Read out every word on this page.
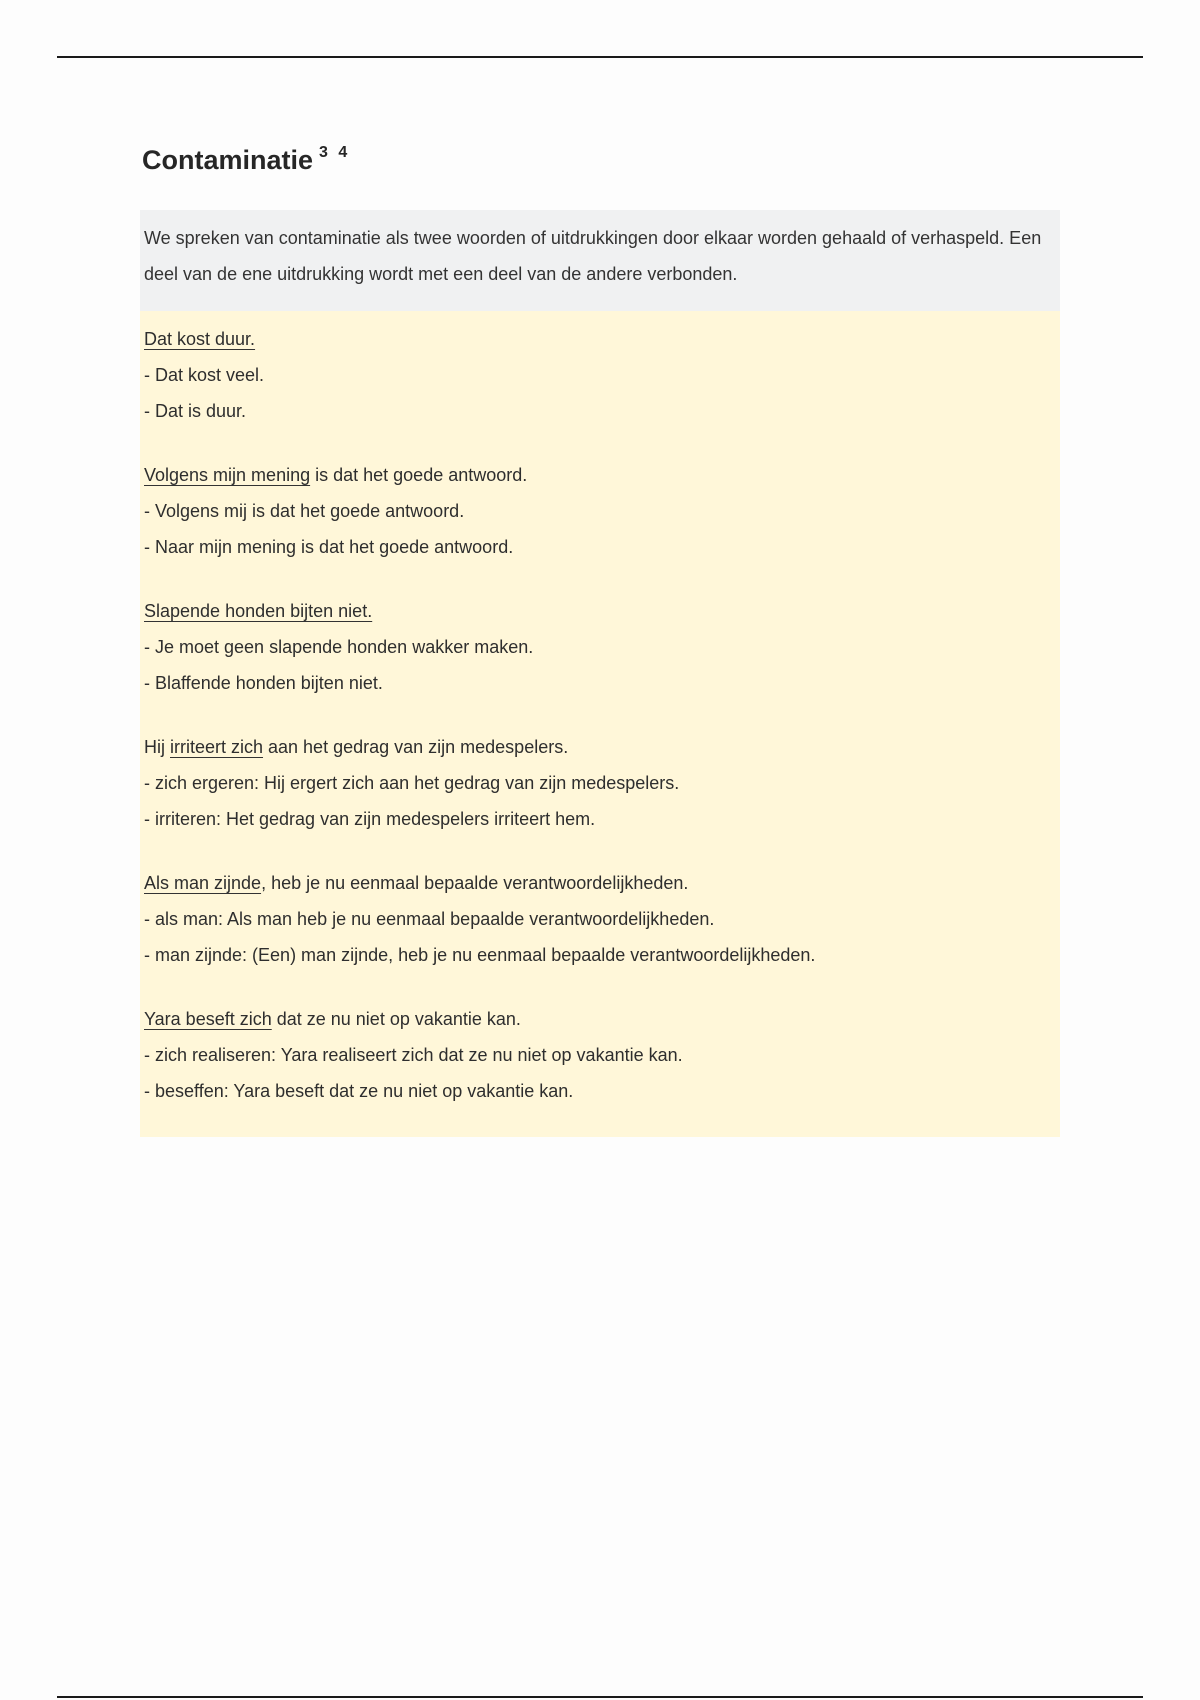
Contaminatie $^{3 4}$

We spreken van contaminatie als twee woorden of uitdrukkingen door elkaar worden gehaald of verhaspeld. Een deel van de ene uitdrukking wordt met een deel van de andere verbonden.

Dat kost duur.
- Dat kost veel.
- Dat is duur.
Volgens mijn mening is dat het goede antwoord.
- Volgens mij is dat het goede antwoord.
- Naar mijn mening is dat het goede antwoord.
Slapende honden bijten niet.
- Je moet geen slapende honden wakker maken.
- Blaffende honden bijten niet.
Hij irriteert zich aan het gedrag van zijn medespelers.
- zich ergeren: Hij ergert zich aan het gedrag van zijn medespelers.
- irriteren: Het gedrag van zijn medespelers irriteert hem.
Als man zijnde, heb je nu eenmaal bepaalde verantwoordelijkheden.
- als man: Als man heb je nu eenmaal bepaalde verantwoordelijkheden.
- man zijnde: (Een) man zijnde, heb je nu eenmaal bepaalde verantwoordelijkheden.
Yara beseft zich dat ze nu niet op vakantie kan.
- zich realiseren: Yara realiseert zich dat ze nu niet op vakantie kan.
- beseffen: Yara beseft dat ze nu niet op vakantie kan.
